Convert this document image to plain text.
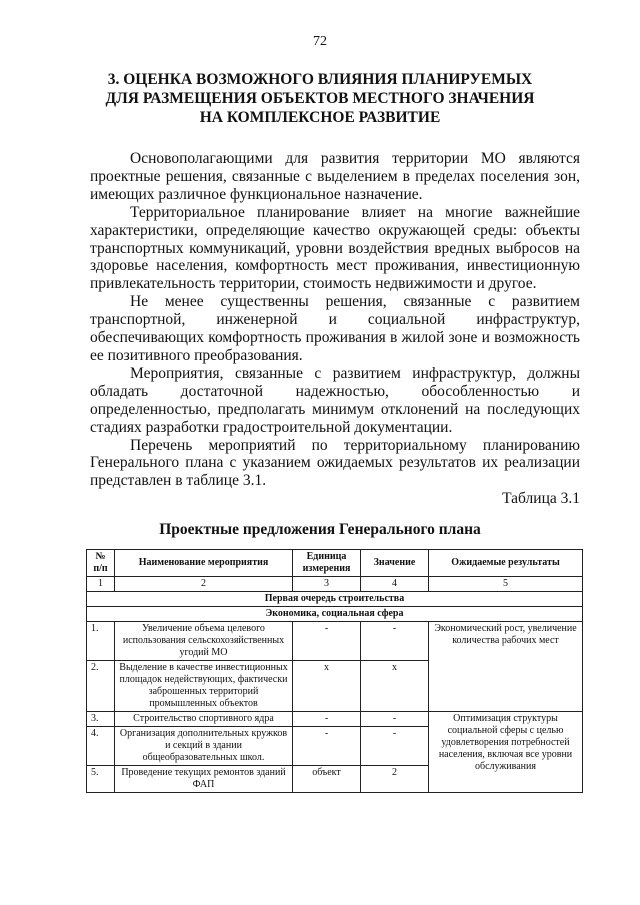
72
3. ОЦЕНКА ВОЗМОЖНОГО ВЛИЯНИЯ ПЛАНИРУЕМЫХ
ДЛЯ РАЗМЕЩЕНИЯ ОБЪЕКТОВ МЕСТНОГО ЗНАЧЕНИЯ
НА КОМПЛЕКСНОЕ РАЗВИТИЕ

Основополагающими для развития территории МО являются проектные решения, связанные с выделением в пределах поселения зон, имеющих различное функциональное назначение.

Территориальное планирование влияет на многие важнейшие характеристики, определяющие качество окружающей среды: объекты транспортных коммуникаций, уровни воздействия вредных выбросов на здоровье населения, комфортность мест проживания, инвестиционную привлекательность территории, стоимость недвижимости и другое.

Не менее существенны решения, связанные с развитием транспортной, инженерной и социальной инфраструктур, обеспечивающих комфортность проживания в жилой зоне и возможность ее позитивного преобразования.

Мероприятия, связанные с развитием инфраструктур, должны обладать достаточной надежностью, обособленностью и определенностью, предполагать минимум отклонений на последующих стадиях разработки градостроительной документации.

Перечень мероприятий по территориальному планированию Генерального плана с указанием ожидаемых результатов их реализации представлен в таблице 3.1.

Таблица 3.1
Проектные предложения Генерального плана
№ п/п	Наименование мероприятия	Единица измерения	Значение	Ожидаемые результаты
1	2	3	4	5
Первая очередь строительства				
Экономика, социальная сфера				
1.	Увеличение объема целевого использования сельскохозяйственных угодий МО	-	-	Экономический рост, увеличение количества рабочих мест
2.	Выделение в качестве инвестиционных площадок недействующих, фактически заброшенных территорий промышленных объектов	х	х	
3.	Строительство спортивного ядра	-	-	Оптимизация структуры социальной сферы с целью удовлетворения потребностей населения, включая все уровни обслуживания
4.	Организация дополнительных кружков и секций в здании общеобразовательных школ.	-	-	
5.	Проведение текущих ремонтов зданий ФАП	объект	2	
